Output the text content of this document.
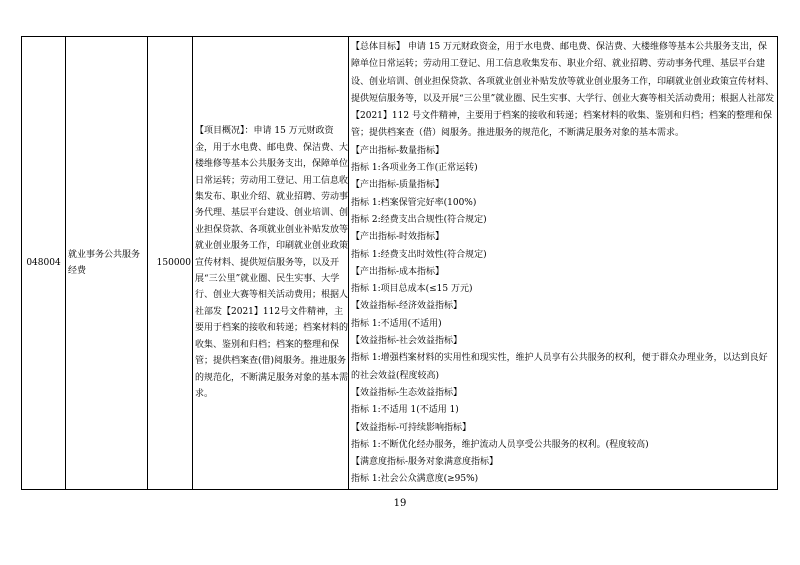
048004	就业事务公共服务经费	150000	【项目概况】：申请 15 万元财政资金，用于水电费、邮电费、保洁费、大楼维修等基本公共服务支出，保障单位日常运转；劳动用工登记、用工信息收集发布、职业介绍、就业招聘、劳动事务代理、基层平台建设、创业培训、创业担保贷款、各项就业创业补贴发放等就业创业服务工作，印刷就业创业政策宣传材料、提供短信服务等，以及开展“三公里”就业圈、民生实事、大学行、创业大赛等相关活动费用；根据人社部发【2021】112号文件精神，主要用于档案的接收和转递；档案材料的收集、鉴别和归档；档案的整理和保管；提供档案查(借)阅服务。推进服务的规范化，不断满足服务对象的基本需求。	

【总体目标】 申请 15 万元财政资金，用于水电费、邮电费、保洁费、大楼维修等基本公共服务支出，保障单位日常运转；劳动用工登记、用工信息收集发布、职业介绍、就业招聘、劳动事务代理、基层平台建设、创业培训、创业担保贷款、各项就业创业补贴发放等就业创业服务工作，印刷就业创业政策宣传材料、提供短信服务等，以及开展“三公里”就业圈、民生实事、大学行、创业大赛等相关活动费用；根据人社部发【2021】112 号文件精神，主要用于档案的接收和转递；档案材料的收集、鉴别和归档；档案的整理和保管；提供档案查（借）阅服务。推进服务的规范化，不断满足服务对象的基本需求。

【产出指标-数量指标】

指标 1:各项业务工作(正常运转)

【产出指标-质量指标】

指标 1:档案保管完好率(100%)

指标 2:经费支出合规性(符合规定)

【产出指标-时效指标】

指标 1:经费支出时效性(符合规定)

【产出指标-成本指标】

指标 1:项目总成本(≤15 万元)

【效益指标-经济效益指标】

指标 1:不适用(不适用)

【效益指标-社会效益指标】

指标 1:增强档案材料的实用性和现实性，维护人员享有公共服务的权利，便于群众办理业务，以达到良好的社会效益(程度较高)

【效益指标-生态效益指标】

指标 1:不适用 1(不适用 1)

【效益指标-可持续影响指标】

指标 1:不断优化经办服务，维护流动人员享受公共服务的权利。(程度较高)

【满意度指标-服务对象满意度指标】

指标 1:社会公众满意度(≥95%)

19
